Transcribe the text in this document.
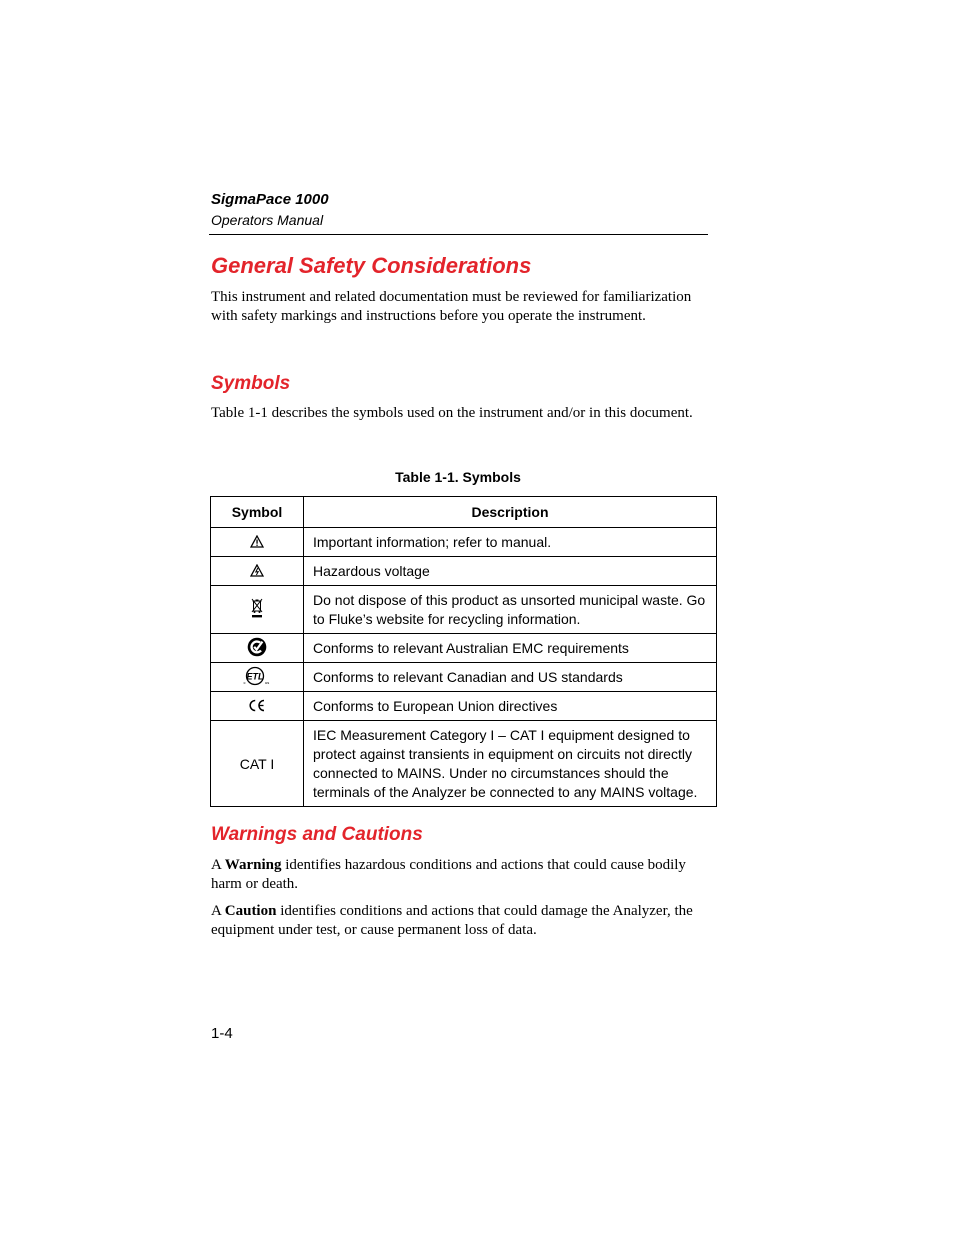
SigmaPace 1000
Operators Manual
General Safety Considerations

This instrument and related documentation must be reviewed for familiarization with safety markings and instructions before you operate the instrument.

Symbols

Table 1-1 describes the symbols used on the instrument and/or in this document.

Table 1-1. Symbols
Symbol	Description
	Important information; refer to manual.
	Hazardous voltage
	Do not dispose of this product as unsorted municipal waste. Go to Fluke’s website for recycling information.
	Conforms to relevant Australian EMC requirements

ETL
c us	Conforms to relevant Canadian and US standards
	Conforms to European Union directives
CAT I	IEC Measurement Category I – CAT I equipment designed to protect against transients in equipment on circuits not directly connected to MAINS. Under no circumstances should the terminals of the Analyzer be connected to any MAINS voltage.
Warnings and Cautions

A Warning identifies hazardous conditions and actions that could cause bodily harm or death.

A Caution identifies conditions and actions that could damage the Analyzer, the equipment under test, or cause permanent loss of data.

1-4
